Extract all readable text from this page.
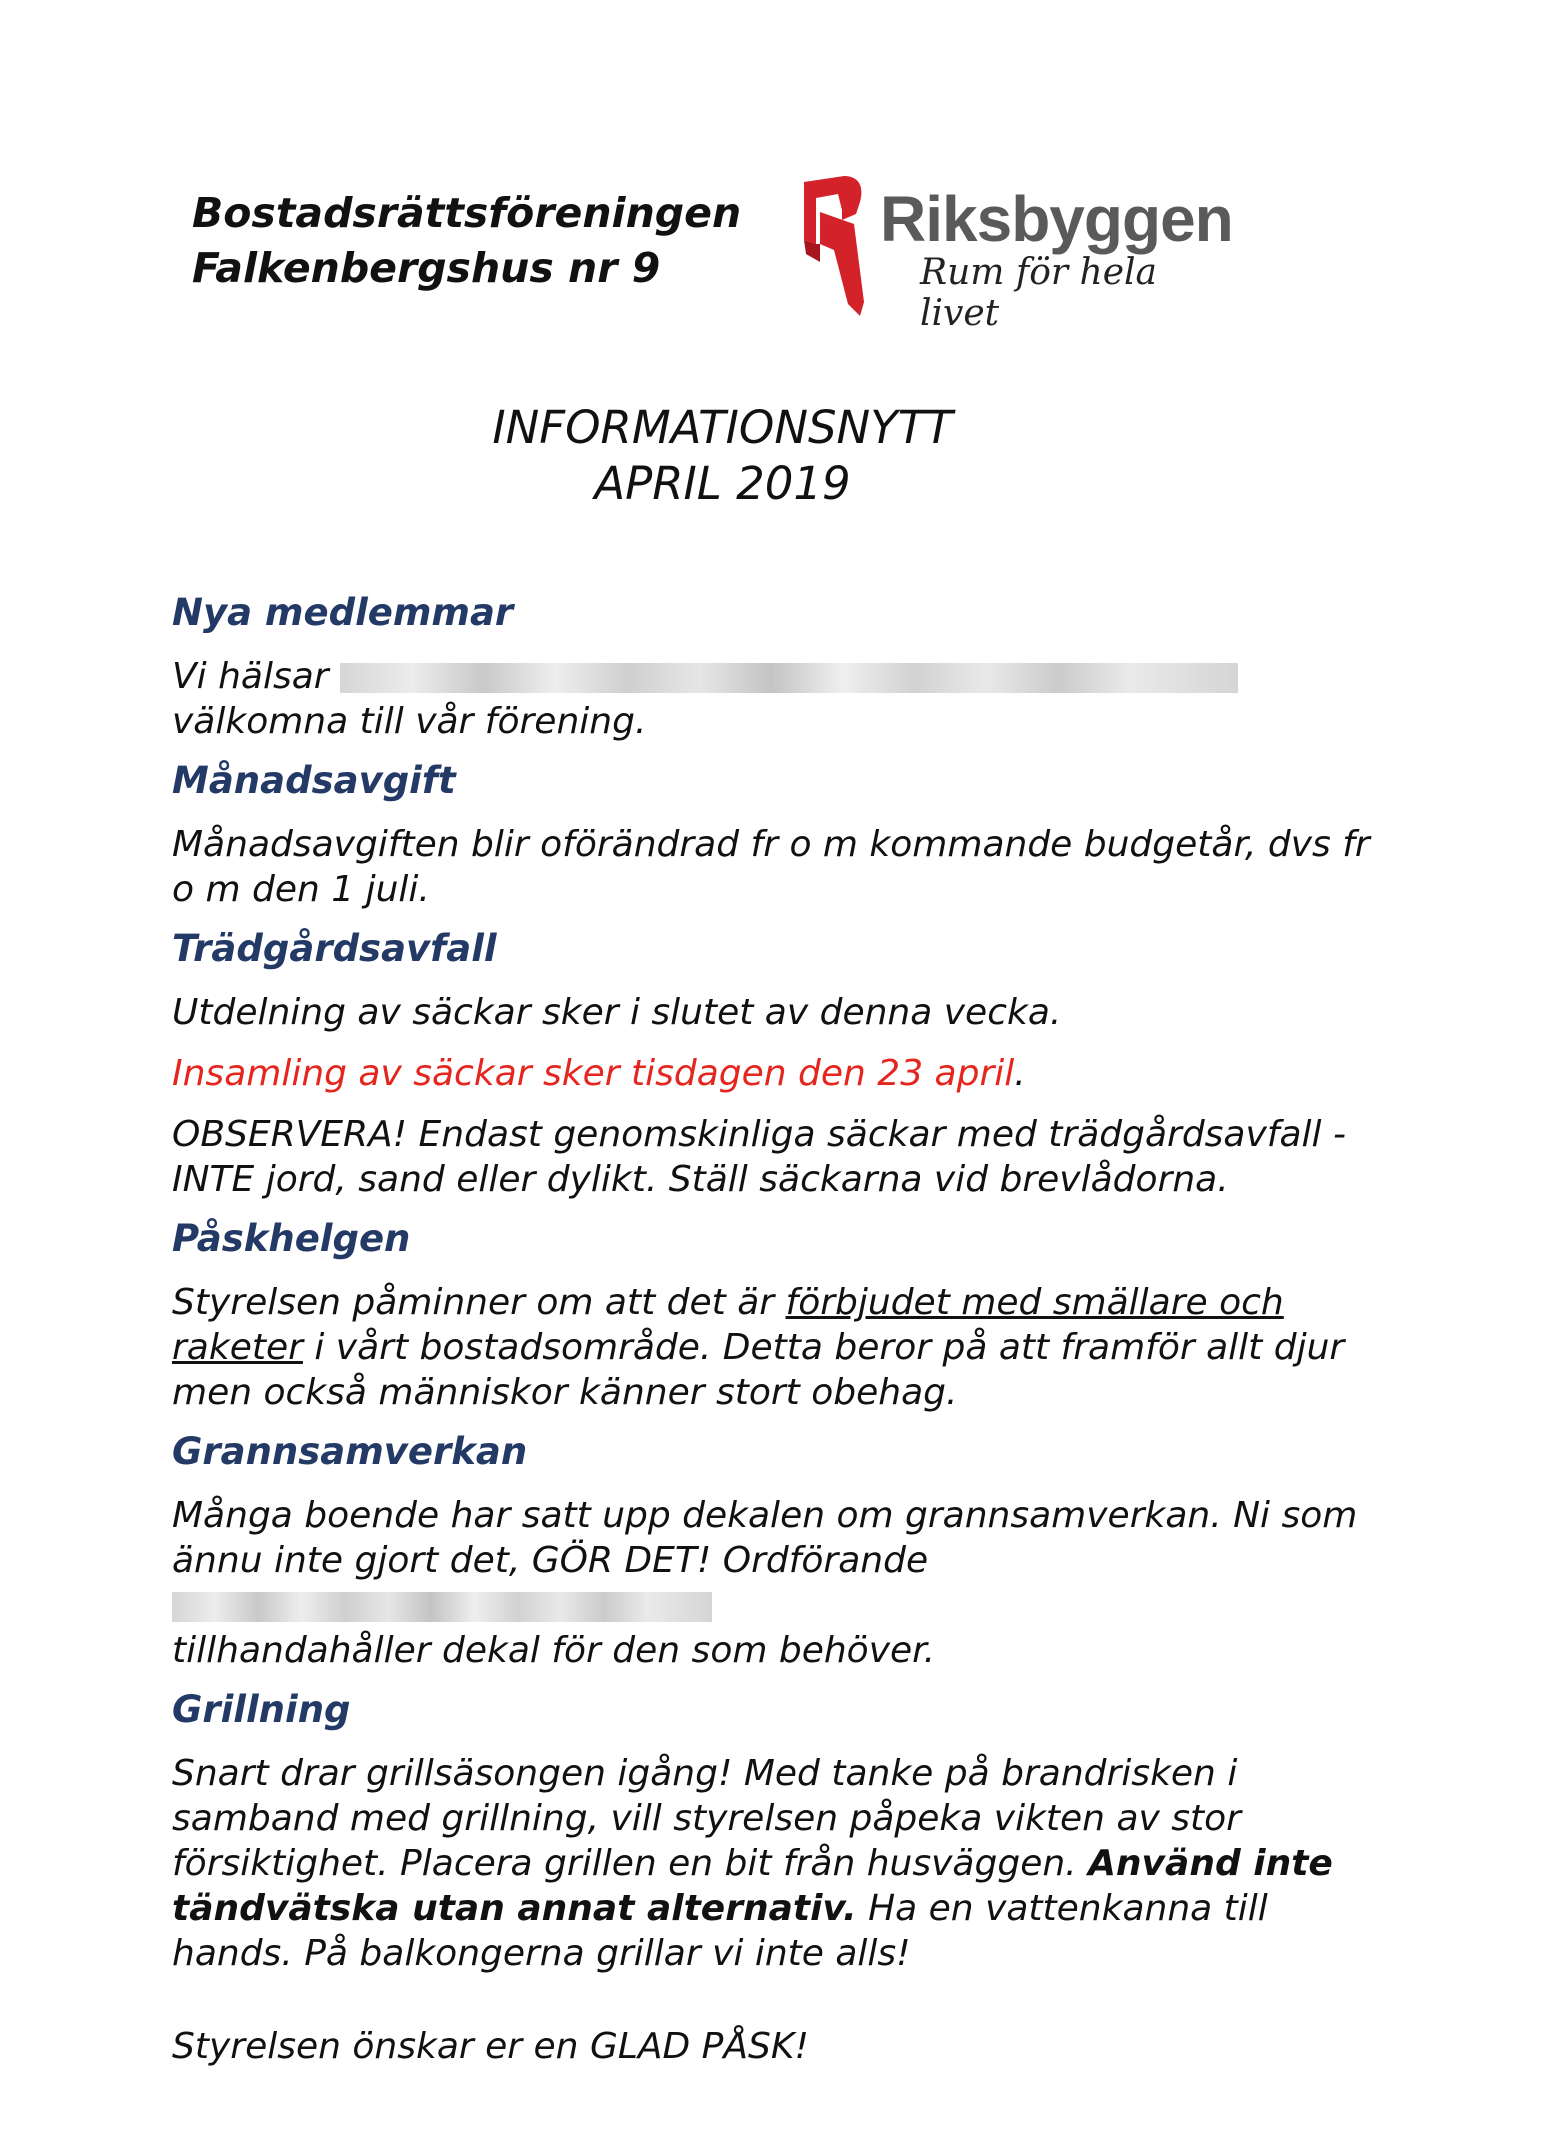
Bostadsrättsföreningen
Falkenbergshus nr 9
Riksbyggen
Rum för hela livet
INFORMATIONSNYTT
APRIL 2019
Nya medlemmar
Vi hälsar
välkomna till vår förening.
Månadsavgift
Månadsavgiften blir oförändrad fr o m kommande budgetår, dvs fr o m den 1 juli.
Trädgårdsavfall
Utdelning av säckar sker i slutet av denna vecka.
Insamling av säckar sker tisdagen den 23 april.
OBSERVERA! Endast genomskinliga säckar med trädgårdsavfall - INTE jord, sand eller dylikt. Ställ säckarna vid brevlådorna.
Påskhelgen
Styrelsen påminner om att det är förbjudet med smällare och raketer i vårt bostadsområde. Detta beror på att framför allt djur men också människor känner stort obehag.
Grannsamverkan
Många boende har satt upp dekalen om grannsamverkan. Ni som ännu inte gjort det, GÖR DET! Ordförande
tillhandahåller dekal för den som behöver.
Grillning
Snart drar grillsäsongen igång! Med tanke på brandrisken i samband med grillning, vill styrelsen påpeka vikten av stor försiktighet. Placera grillen en bit från husväggen. Använd inte tändvätska utan annat alternativ. Ha en vattenkanna till hands. På balkongerna grillar vi inte alls!
Styrelsen önskar er en GLAD PÅSK!
